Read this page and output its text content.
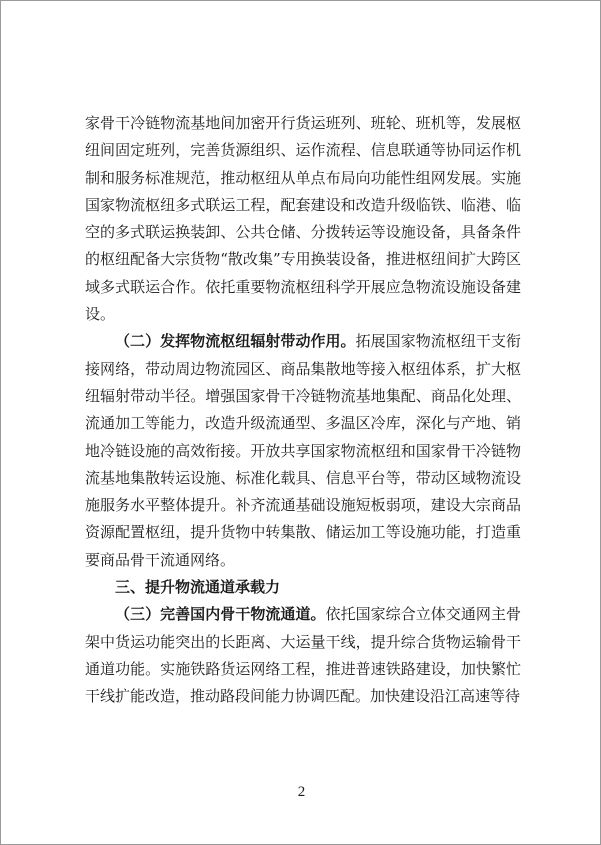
家骨干冷链物流基地间加密开行货运班列、班轮、班机等，发展枢纽间固定班列，完善货源组织、运作流程、信息联通等协同运作机制和服务标准规范，推动枢纽从单点布局向功能性组网发展。实施国家物流枢纽多式联运工程，配套建设和改造升级临铁、临港、临空的多式联运换装卸、公共仓储、分拨转运等设施设备，具备条件的枢纽配备大宗货物“散改集”专用换装设备，推进枢纽间扩大跨区域多式联运合作。依托重要物流枢纽科学开展应急物流设施设备建设。

（二）发挥物流枢纽辐射带动作用。拓展国家物流枢纽干支衔接网络，带动周边物流园区、商品集散地等接入枢纽体系，扩大枢纽辐射带动半径。增强国家骨干冷链物流基地集配、商品化处理、流通加工等能力，改造升级流通型、多温区冷库，深化与产地、销地冷链设施的高效衔接。开放共享国家物流枢纽和国家骨干冷链物流基地集散转运设施、标准化载具、信息平台等，带动区域物流设施服务水平整体提升。补齐流通基础设施短板弱项，建设大宗商品资源配置枢纽，提升货物中转集散、储运加工等设施功能，打造重要商品骨干流通网络。

三、提升物流通道承载力

（三）完善国内骨干物流通道。依托国家综合立体交通网主骨架中货运功能突出的长距离、大运量干线，提升综合货物运输骨干通道功能。实施铁路货运网络工程，推进普速铁路建设，加快繁忙干线扩能改造，推动路段间能力协调匹配。加快建设沿江高速等待

2
